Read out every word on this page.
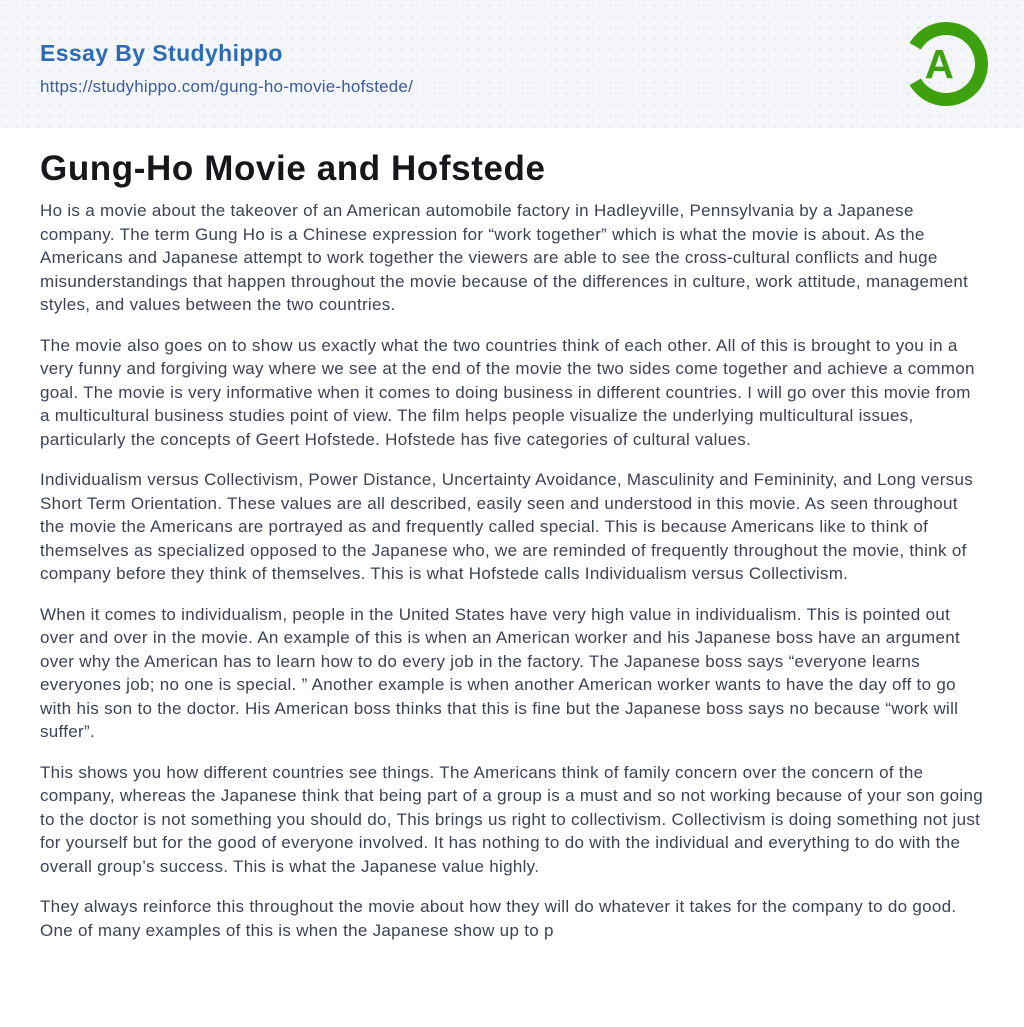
Essay By Studyhippo
https://studyhippo.com/gung-ho-movie-hofstede/	A
Gung-Ho Movie and Hofstede

Ho is a movie about the takeover of an American automobile factory in Hadleyville, Pennsylvania by a Japanese company. The term Gung Ho is a Chinese expression for “work together” which is what the movie is about. As the Americans and Japanese attempt to work together the viewers are able to see the cross-cultural conflicts and huge misunderstandings that happen throughout the movie because of the differences in culture, work attitude, management styles, and values between the two countries.

The movie also goes on to show us exactly what the two countries think of each other. All of this is brought to you in a very funny and forgiving way where we see at the end of the movie the two sides come together and achieve a common goal. The movie is very informative when it comes to doing business in different countries. I will go over this movie from a multicultural business studies point of view. The film helps people visualize the underlying multicultural issues, particularly the concepts of Geert Hofstede. Hofstede has five categories of cultural values.

Individualism versus Collectivism, Power Distance, Uncertainty Avoidance, Masculinity and Femininity, and Long versus Short Term Orientation. These values are all described, easily seen and understood in this movie. As seen throughout the movie the Americans are portrayed as and frequently called special. This is because Americans like to think of themselves as specialized opposed to the Japanese who, we are reminded of frequently throughout the movie, think of company before they think of themselves. This is what Hofstede calls Individualism versus Collectivism.

When it comes to individualism, people in the United States have very high value in individualism. This is pointed out over and over in the movie. An example of this is when an American worker and his Japanese boss have an argument over why the American has to learn how to do every job in the factory. The Japanese boss says “everyone learns everyones job; no one is special. ” Another example is when another American worker wants to have the day off to go with his son to the doctor. His American boss thinks that this is fine but the Japanese boss says no because “work will suffer”.

This shows you how different countries see things. The Americans think of family concern over the concern of the company, whereas the Japanese think that being part of a group is a must and so not working because of your son going to the doctor is not something you should do, This brings us right to collectivism. Collectivism is doing something not just for yourself but for the good of everyone involved. It has nothing to do with the individual and everything to do with the overall group’s success. This is what the Japanese value highly.

They always reinforce this throughout the movie about how they will do whatever it takes for the company to do good. One of many examples of this is when the Japanese show up to p
